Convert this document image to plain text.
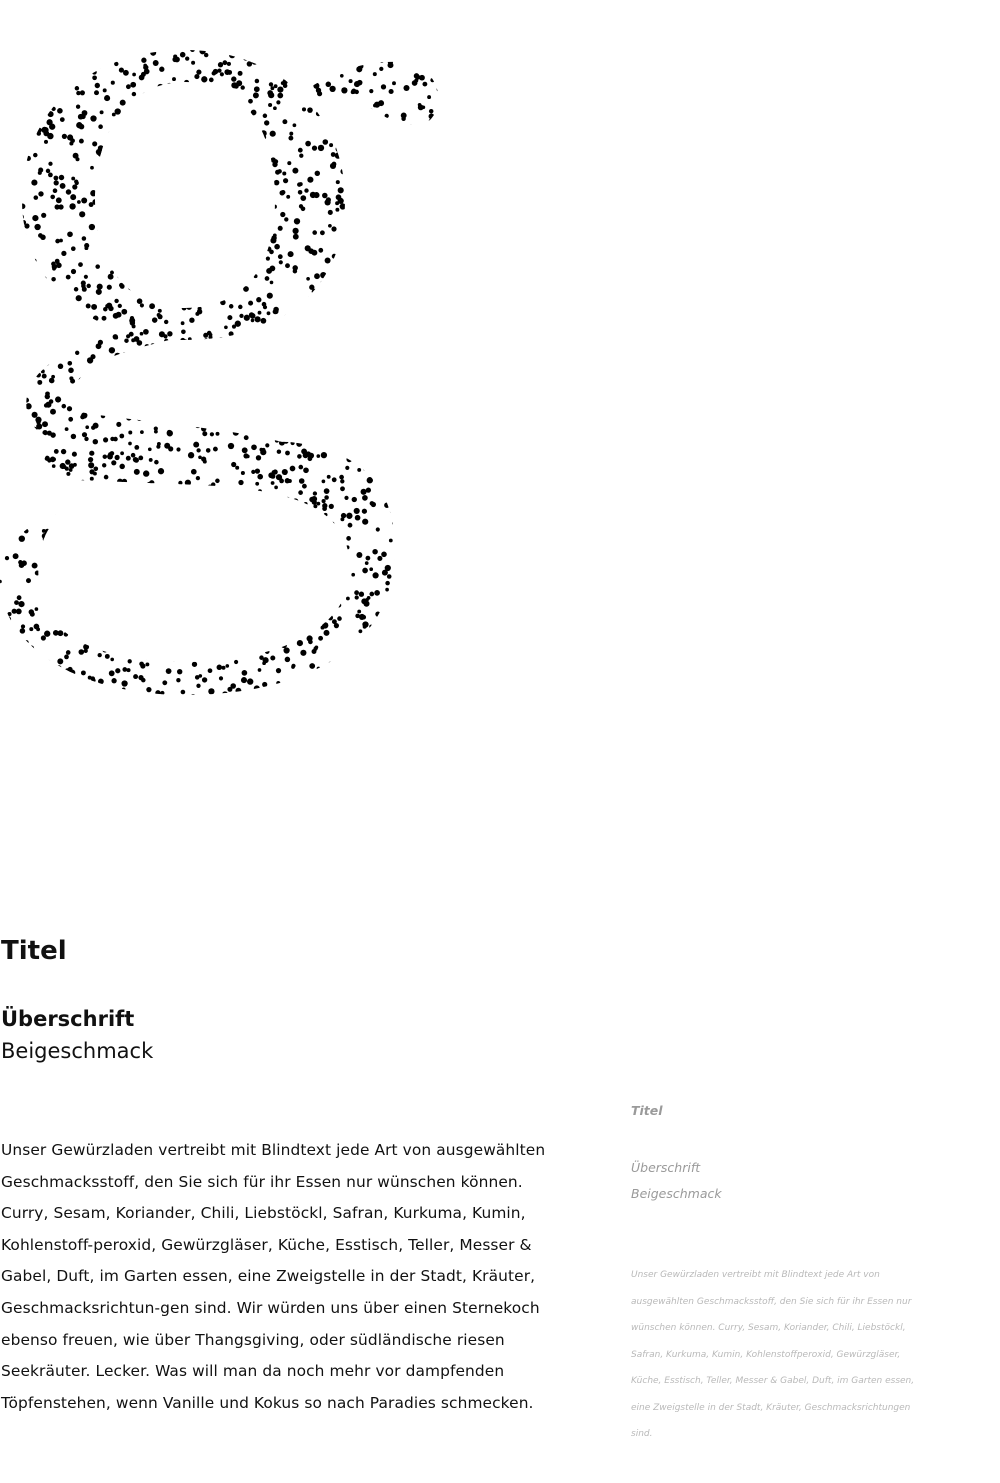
Titel
Überschrift
Beigeschmack

Unser Gewürzladen vertreibt mit Blindtext jede Art von ausgewählten Geschmacksstoff, den Sie sich für ihr Essen nur wünschen können. Curry, Sesam, Koriander, Chili, Liebstöckl, Safran, Kurkuma, Kumin, Kohlenstoff-peroxid, Gewürzgläser, Küche, Esstisch, Teller, Messer & Gabel, Duft, im Garten essen, eine Zweigstelle in der Stadt, Kräuter, Geschmacksrichtun-gen sind. Wir würden uns über einen Sternekoch ebenso freuen, wie über Thangsgiving, oder südländische riesen Seekräuter. Lecker. Was will man da noch mehr vor dampfenden Töpfenstehen, wenn Vanille und Kokus so nach Paradies schmecken.

Titel
Überschrift
Beigeschmack

Unser Gewürzladen vertreibt mit Blindtext jede Art von ausgewählten Geschmacksstoff, den Sie sich für ihr Essen nur wünschen können. Curry, Sesam, Koriander, Chili, Liebstöckl, Safran, Kurkuma, Kumin, Kohlenstoffperoxid, Gewürzgläser, Küche, Esstisch, Teller, Messer & Gabel, Duft, im Garten essen, eine Zweigstelle in der Stadt, Kräuter, Geschmacksrichtungen sind.
